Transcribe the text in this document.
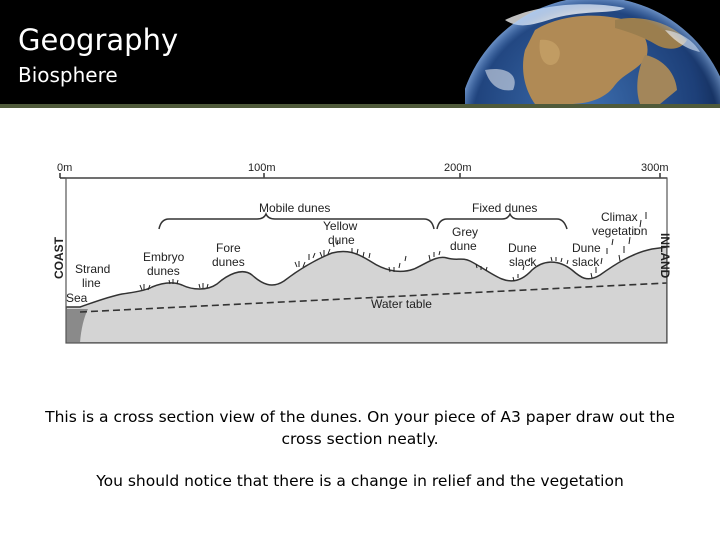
Geography
Biosphere
0m	100m	200m	300m
COAST	INLAND
Mobile dunes	Fixed dunes
Sea
Strand line
Embryo dunes
Fore dunes
Yellow dune
Grey dune	Dune slack
Dune slack
Climax vegetation
Water table

This is a cross section view of the dunes. On your piece of A3 paper draw out the cross section neatly.

You should notice that there is a change in relief and the vegetation
